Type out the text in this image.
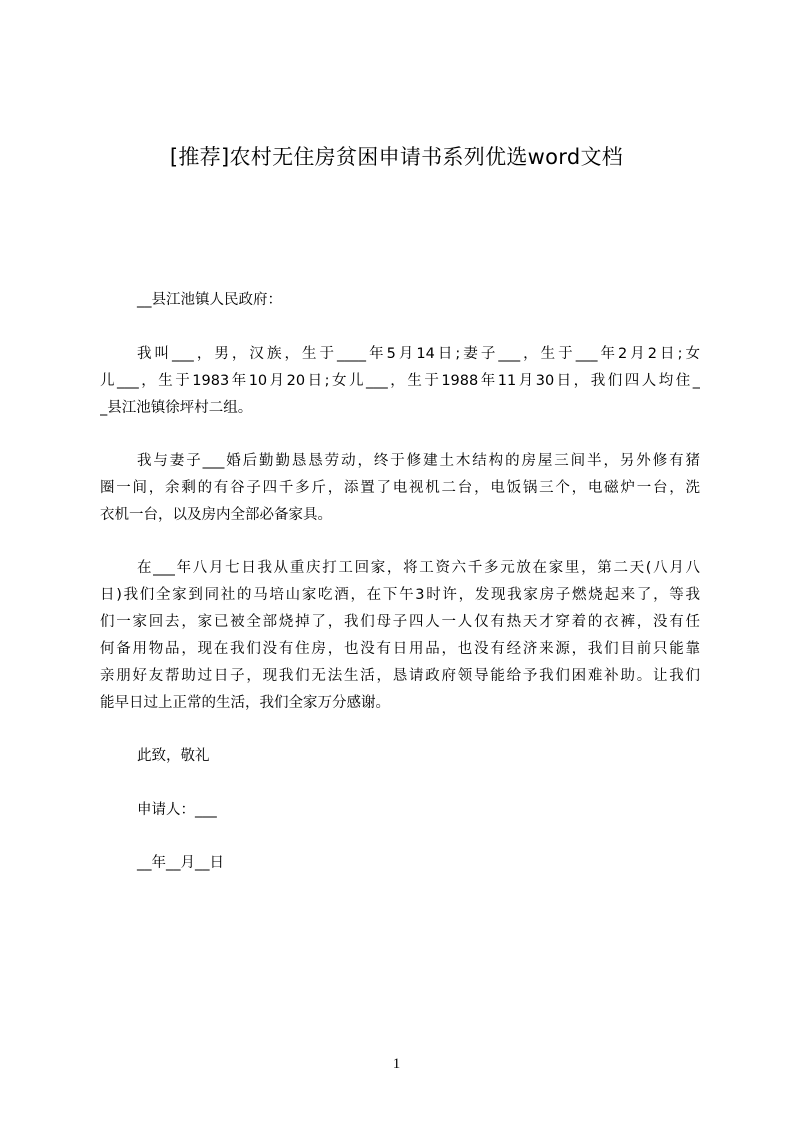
[推荐]农村无住房贫困申请书系列优选word文档
__县江池镇人民政府：
我叫___，男，汉族，生于____年5月14日;妻子___，生于___年2月2日;女
儿___，生于1983年10月20日;女儿___，生于1988年11月30日，我们四人均住_
_县江池镇徐坪村二组。
我与妻子___婚后勤勤恳恳劳动，终于修建土木结构的房屋三间半，另外修有猪
圈一间，余剩的有谷子四千多斤，添置了电视机二台，电饭锅三个，电磁炉一台，洗
衣机一台，以及房内全部必备家具。
在___年八月七日我从重庆打工回家，将工资六千多元放在家里，第二天(八月八
日)我们全家到同社的马培山家吃酒，在下午3时许，发现我家房子燃烧起来了，等我
们一家回去，家已被全部烧掉了，我们母子四人一人仅有热天才穿着的衣裤，没有任
何备用物品，现在我们没有住房，也没有日用品，也没有经济来源，我们目前只能靠
亲朋好友帮助过日子，现我们无法生活，恳请政府领导能给予我们困难补助。让我们
能早日过上正常的生活，我们全家万分感谢。
此致，敬礼
申请人：___
__年__月__日
1
